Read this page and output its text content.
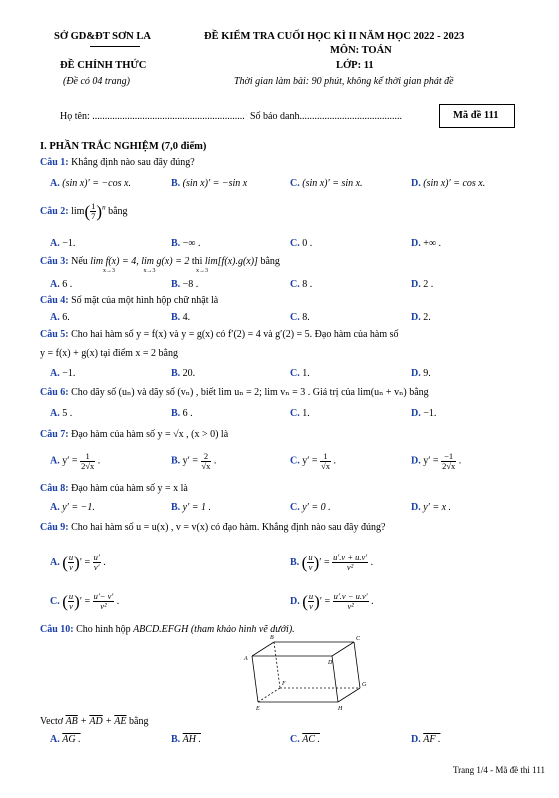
SỞ GD&ĐT SƠN LA
ĐỀ CHÍNH THỨC
(Đề có 04 trang)
ĐỀ KIỂM TRA CUỐI HỌC KÌ II NĂM HỌC 2022 - 2023
MÔN: TOÁN
LỚP: 11
Thời gian làm bài: 90 phút, không kể thời gian phát đề
Họ tên: ............................................................. Số báo danh.........................................	Mã đề 111
I. PHẦN TRẮC NGHIỆM (7,0 điểm)
Câu 1: Khẳng định nào sau đây đúng?
A. (sin x)′ = −cos x.	B. (sin x)′ = −sin x	C. (sin x)′ = sin x.	D. (sin x)′ = cos x.
Câu 2: $\lim( \frac{1}{7} )^n$ bằng
A. −1.	B. −∞ .	C. 0 .	D. +∞ .
Câu 3: Nếu lim f(x) = 4, lim g(x) = 2 thì lim[f(x).g(x)] bằng
x→3                   x→3                           x→3
A. 6 .	B. −8 .	C. 8 .	D. 2 .
Câu 4: Số mặt của một hình hộp chữ nhật là
A. 6.	B. 4.	C. 8.	D. 2.
Câu 5: Cho hai hàm số y = f(x) và y = g(x) có f′(2) = 4 và g′(2) = 5. Đạo hàm của hàm số
y = f(x) + g(x) tại điểm x = 2 bằng
A. −1.	B. 20.	C. 1.	D. 9.
Câu 6: Cho dãy số (uₙ) và dãy số (vₙ) , biết lim uₙ = 2; lim vₙ = 3 . Giá trị của lim(uₙ + vₙ) bằng
A. 5 .	B. 6 .	C. 1.	D. −1.
Câu 7: Đạo hàm của hàm số y = √x , (x > 0) là
A. $y' = \frac{1}{2√x}$ .	B. $y' = \frac{2}{√x}$ .	C. $y' = \frac{1}{√x}$ .	D. $y' = \frac{-1}{2√x}$ .
Câu 8: Đạo hàm của hàm số y = x là
A. y′ = −1.	B. y′ = 1 .	C. y′ = 0 .	D. y′ = x .
Câu 9: Cho hai hàm số u = u(x) , v = v(x) có đạo hàm. Khẳng định nào sau đây đúng?
A. ( $\frac{u}{v}$ )′ = $\frac{u'}{v'}$ .	B. ( $\frac{u}{v}$ )′ = $\frac{u'.v + u.v'}{\text{v²}}$ .
C. ( $\frac{u}{v}$ )′ = $\frac{u'- v'}{\text{v²}}$ .	D. ( $\frac{u}{v}$ )′ = $\frac{u'.v - u.v'}{\text{v²}}$ .
Câu 10: Cho hình hộp ABCD.EFGH (tham khảo hình vẽ dưới).
B
A
C
D
F	G
E	H
Vectơ $\overline{AB} + \overline{AD} + \overline{AE}$ bằng
A. AG .	B. AH .	C. AC .	D. AF .
Trang 1/4 - Mã đề thi 111
